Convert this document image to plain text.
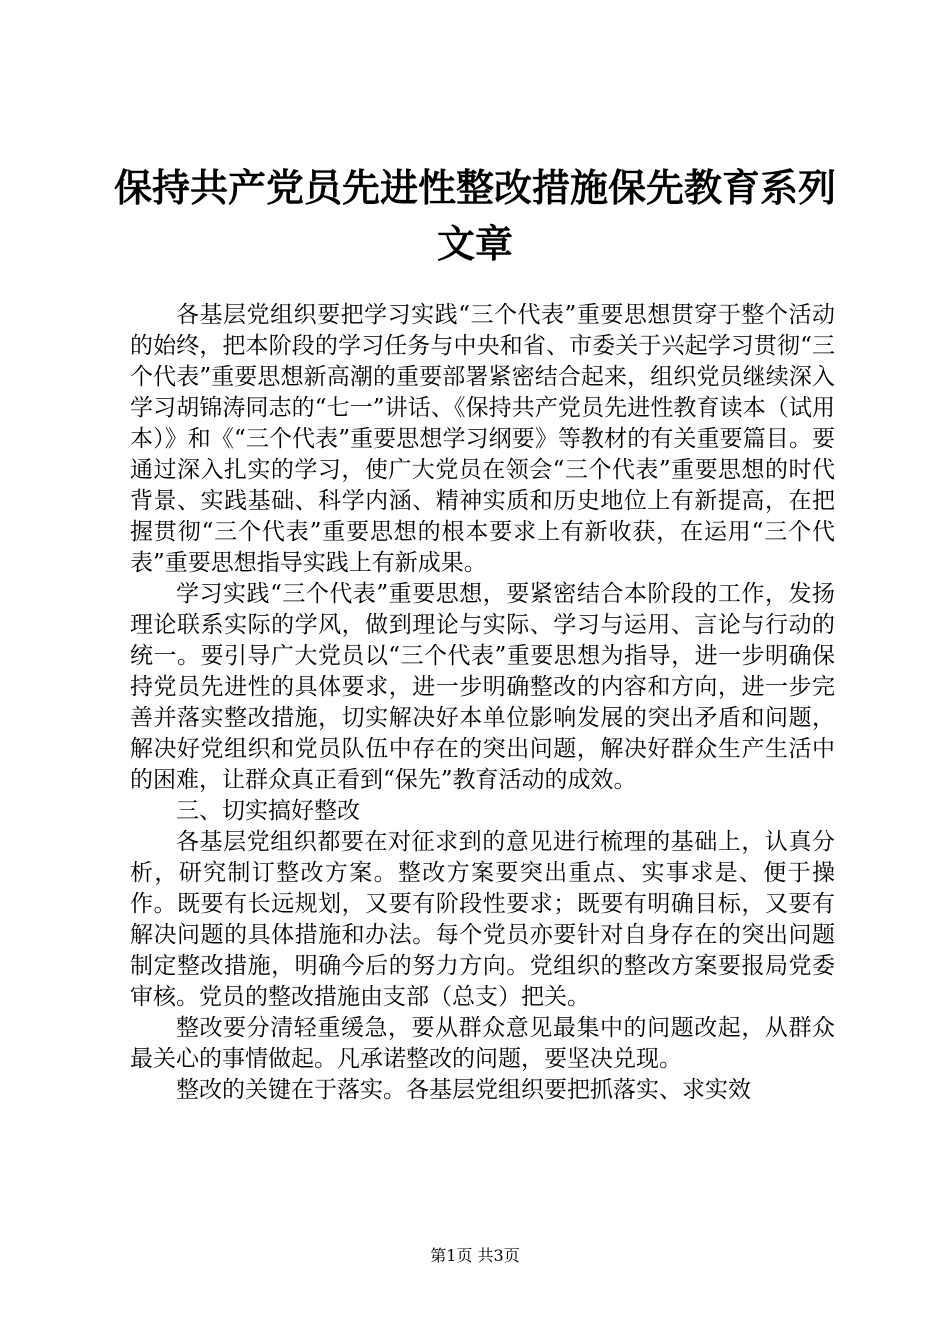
保持共产党员先进性整改措施保先教育系列文章

各基层党组织要把学习实践“三个代表”重要思想贯穿于整个活动的始终，把本阶段的学习任务与中央和省、市委关于兴起学习贯彻“三个代表”重要思想新高潮的重要部署紧密结合起来，组织党员继续深入学习胡锦涛同志的“七一”讲话、《保持共产党员先进性教育读本（试用本）》和《“三个代表”重要思想学习纲要》等教材的有关重要篇目。要通过深入扎实的学习，使广大党员在领会“三个代表”重要思想的时代背景、实践基础、科学内涵、精神实质和历史地位上有新提高，在把握贯彻“三个代表”重要思想的根本要求上有新收获，在运用“三个代表”重要思想指导实践上有新成果。

学习实践“三个代表”重要思想，要紧密结合本阶段的工作，发扬理论联系实际的学风，做到理论与实际、学习与运用、言论与行动的统一。要引导广大党员以“三个代表”重要思想为指导，进一步明确保持党员先进性的具体要求，进一步明确整改的内容和方向，进一步完善并落实整改措施，切实解决好本单位影响发展的突出矛盾和问题，解决好党组织和党员队伍中存在的突出问题，解决好群众生产生活中的困难，让群众真正看到“保先”教育活动的成效。

三、切实搞好整改

各基层党组织都要在对征求到的意见进行梳理的基础上，认真分析，研究制订整改方案。整改方案要突出重点、实事求是、便于操作。既要有长远规划，又要有阶段性要求；既要有明确目标，又要有解决问题的具体措施和办法。每个党员亦要针对自身存在的突出问题制定整改措施，明确今后的努力方向。党组织的整改方案要报局党委审核。党员的整改措施由支部（总支）把关。

整改要分清轻重缓急，要从群众意见最集中的问题改起，从群众最关心的事情做起。凡承诺整改的问题，要坚决兑现。

整改的关键在于落实。各基层党组织要把抓落实、求实效

第1页 共3页
